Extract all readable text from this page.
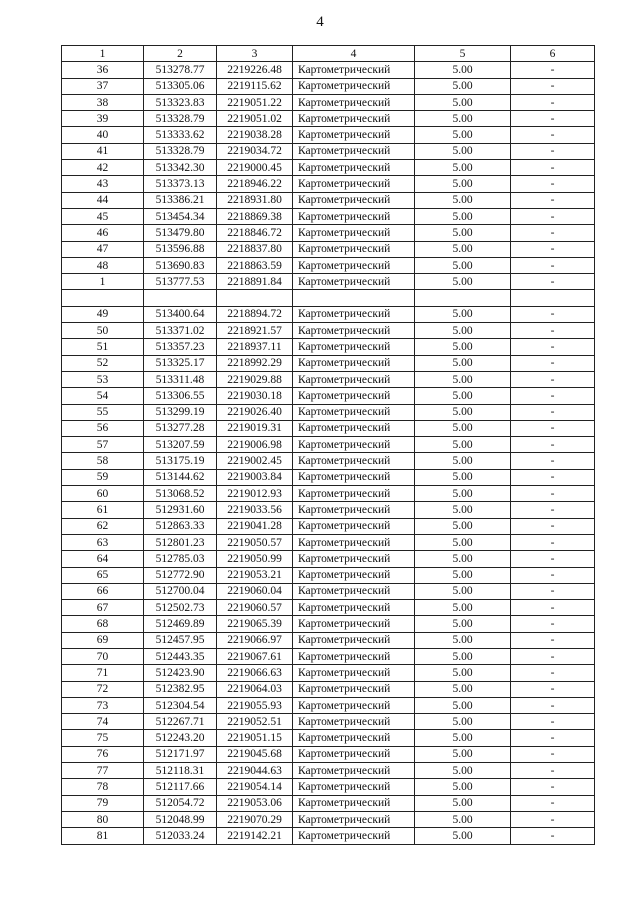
4
1	2	3	4	5	6
36	513278.77	2219226.48	Картометрический	5.00	-
37	513305.06	2219115.62	Картометрический	5.00	-
38	513323.83	2219051.22	Картометрический	5.00	-
39	513328.79	2219051.02	Картометрический	5.00	-
40	513333.62	2219038.28	Картометрический	5.00	-
41	513328.79	2219034.72	Картометрический	5.00	-
42	513342.30	2219000.45	Картометрический	5.00	-
43	513373.13	2218946.22	Картометрический	5.00	-
44	513386.21	2218931.80	Картометрический	5.00	-
45	513454.34	2218869.38	Картометрический	5.00	-
46	513479.80	2218846.72	Картометрический	5.00	-
47	513596.88	2218837.80	Картометрический	5.00	-
48	513690.83	2218863.59	Картометрический	5.00	-
1	513777.53	2218891.84	Картометрический	5.00	-

49	513400.64	2218894.72	Картометрический	5.00	-
50	513371.02	2218921.57	Картометрический	5.00	-
51	513357.23	2218937.11	Картометрический	5.00	-
52	513325.17	2218992.29	Картометрический	5.00	-
53	513311.48	2219029.88	Картометрический	5.00	-
54	513306.55	2219030.18	Картометрический	5.00	-
55	513299.19	2219026.40	Картометрический	5.00	-
56	513277.28	2219019.31	Картометрический	5.00	-
57	513207.59	2219006.98	Картометрический	5.00	-
58	513175.19	2219002.45	Картометрический	5.00	-
59	513144.62	2219003.84	Картометрический	5.00	-
60	513068.52	2219012.93	Картометрический	5.00	-
61	512931.60	2219033.56	Картометрический	5.00	-
62	512863.33	2219041.28	Картометрический	5.00	-
63	512801.23	2219050.57	Картометрический	5.00	-
64	512785.03	2219050.99	Картометрический	5.00	-
65	512772.90	2219053.21	Картометрический	5.00	-
66	512700.04	2219060.04	Картометрический	5.00	-
67	512502.73	2219060.57	Картометрический	5.00	-
68	512469.89	2219065.39	Картометрический	5.00	-
69	512457.95	2219066.97	Картометрический	5.00	-
70	512443.35	2219067.61	Картометрический	5.00	-
71	512423.90	2219066.63	Картометрический	5.00	-
72	512382.95	2219064.03	Картометрический	5.00	-
73	512304.54	2219055.93	Картометрический	5.00	-
74	512267.71	2219052.51	Картометрический	5.00	-
75	512243.20	2219051.15	Картометрический	5.00	-
76	512171.97	2219045.68	Картометрический	5.00	-
77	512118.31	2219044.63	Картометрический	5.00	-
78	512117.66	2219054.14	Картометрический	5.00	-
79	512054.72	2219053.06	Картометрический	5.00	-
80	512048.99	2219070.29	Картометрический	5.00	-
81	512033.24	2219142.21	Картометрический	5.00	-
